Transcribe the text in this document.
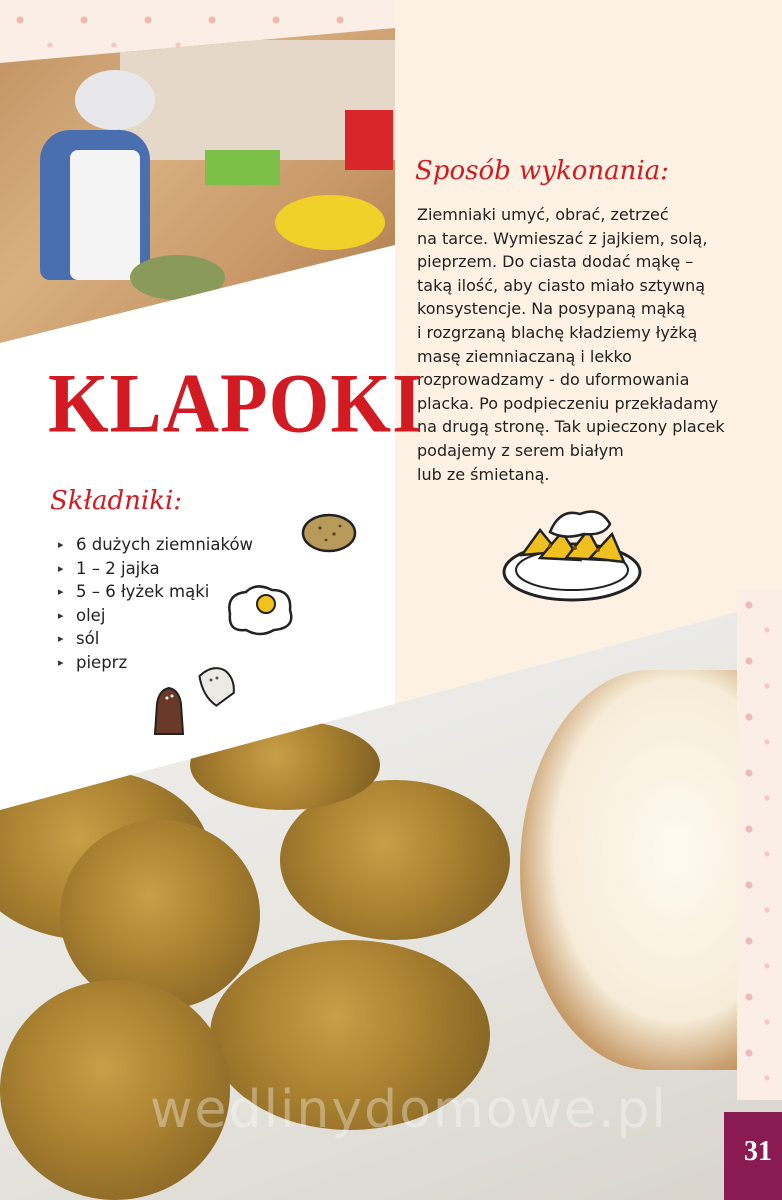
Sposób wykonania:

Ziemniaki umyć, obrać, zetrzeć
na tarce. Wymieszać z jajkiem, solą,
pieprzem. Do ciasta dodać mąkę –
taką ilość, aby ciasto miało sztywną
konsystencje. Na posypaną mąką
i rozgrzaną blachę kładziemy łyżką
masę ziemniaczaną i lekko
rozprowadzamy - do uformowania
placka. Po podpieczeniu przekładamy
na drugą stronę. Tak upieczony placek
podajemy z serem białym
lub ze śmietaną.

KLAPOKI
Składniki:
▸ 6 dużych ziemniaków
▸ 1 – 2 jajka
▸ 5 – 6 łyżek mąki
▸ olej
▸ sól
▸ pieprz
wedlinydomowe.pl
31
